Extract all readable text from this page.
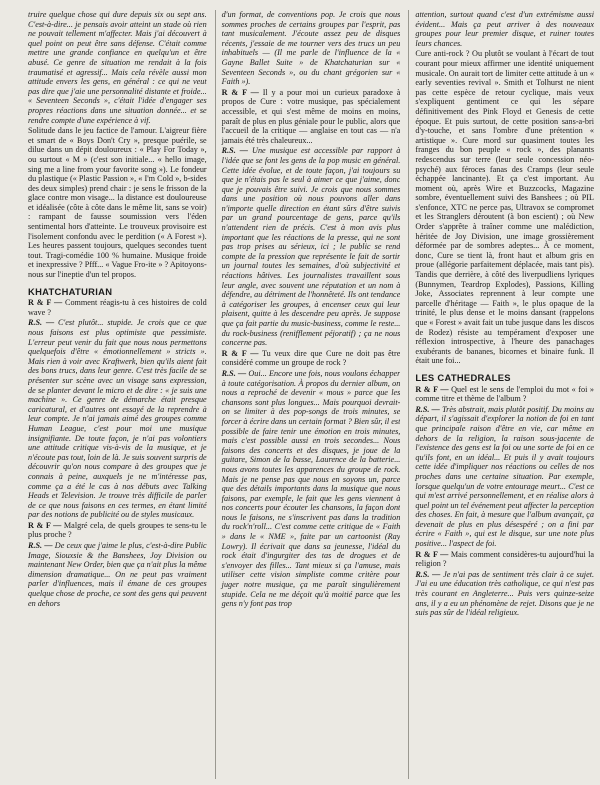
truire quelque chose qui dure depuis six ou sept ans. C'est-à-dire... je pensais avoir atteint un stade où rien ne pouvait tellement m'affecter. Mais j'ai découvert à quel point on peut être sans défense. C'était comme mettre une grande confiance en quelqu'un et être abusé. Ce genre de situation me rendait à la fois traumatisé et agressif... Mais cela révèle aussi mon attitude envers les gens, en général : ce qui ne veut pas dire que j'aie une personnalité distante et froide... « Seventeen Seconds », c'était l'idée d'engager ses propres réactions dans une situation donnée... et se rendre compte d'une expérience à vif.

Solitude dans le jeu factice de l'amour. L'aigreur fière et smart de « Boys Don't Cry », presque puérile, se dilue dans un dépit douloureux : « Play For Today », ou surtout « M » (c'est son initiale... « hello image, sing me a line from your favorite song »). Le fondeur du plastique (« Plastic Passion », « I'm Cold », b-sides des deux simples) prend chair : je sens le frisson de la glace contre mon visage... la distance est douloureuse et idéalisée (côte à côte dans le même lit, sans se voir) : rampant de fausse soumission vers l'éden sentimental hors d'atteinte. Le trouveux provisoire est l'isolement confondu avec le perdition (« A Forest »). Les heures passent toujours, quelques secondes tuent tout. Tragi-comédie 100 % humaine. Musique froide et inexpressive ? Pfff... « Vague Fro-ite » ? Apitoyons-nous sur l'ineptie d'un tel propos.

KHATCHATURIAN

R & F — Comment réagis-tu à ces histoires de cold wave ?

R.S. — C'est plutôt... stupide. Je crois que ce que nous faisons est plus optimiste que pessimiste. L'erreur peut venir du fait que nous nous permettons quelquefois d'être « émotionnellement » stricts ». Mais rien à voir avec Kraftwerk, bien qu'ils aient fait des bons trucs, dans leur genre. C'est très facile de se présenter sur scène avec un visage sans expression, de se planter devant le micro et de dire : « je suis une machine ». Ce genre de démarche était presque caricatural, et d'autres ont essayé de la reprendre à leur compte. Je n'ai jamais aimé des groupes comme Human League, c'est pour moi une musique insignifiante. De toute façon, je n'ai pas volontiers une attitude critique vis-à-vis de la musique, et je n'écoute pas tout, loin de là. Je suis souvent surpris de découvrir qu'on nous compare à des groupes que je connais à peine, auxquels je ne m'intéresse pas, comme ça a été le cas à nos débuts avec Talking Heads et Television. Je trouve très difficile de parler de ce que nous faisons en ces termes, en étant limité par des notions de publicité ou de styles musicaux.

R & F — Malgré cela, de quels groupes te sens-tu le plus proche ?

R.S. — De ceux que j'aime le plus, c'est-à-dire Public Image, Siouxsie & the Banshees, Joy Division ou maintenant New Order, bien que ça n'ait plus la même dimension dramatique... On ne peut pas vraiment parler d'influences, mais il émane de ces groupes quelque chose de proche, ce sont des gens qui peuvent en dehors

d'un format, de conventions pop. Je crois que nous sommes proches de certains groupes par l'esprit, pas tant musicalement. J'écoute assez peu de disques récents, j'essaie de me tourner vers des trucs un peu inhabituels — (Il me parle de l'influence de la « Gayne Ballet Suite » de Khatchaturian sur « Seventeen Seconds », ou du chant grégorien sur « Faith »).

R & F — Il y a pour moi un curieux paradoxe à propos de Cure : votre musique, pas spécialement accessible, et qui s'est même de moins en moins, paraît de plus en plus géniale pour le public, alors que l'accueil de la critique — anglaise en tout cas — n'a jamais été très chaleureux...

R.S. — Une musique est accessible par rapport à l'idée que se font les gens de la pop music en général. Cette idée évolue, et de toute façon, j'ai toujours su que je n'étais pas le seul à aimer ce que j'aime, donc que je pouvais être suivi. Je crois que nous sommes dans une position où nous pouvons aller dans n'importe quelle direction en étant sûrs d'être suivis par un grand pourcentage de gens, parce qu'ils n'attendent rien de précis. C'est à mon avis plus important que les réactions de la presse, qui ne sont pas trop prises au sérieux, ici ; le public se rend compte de la pression que représente le fait de sortir un journal toutes les semaines, d'où subjectivité et réactions hâtives. Les journalistes travaillent sous leur angle, avec souvent une réputation et un nom à défendre, au détriment de l'honnêteté. Ils ont tendance à catégoriser les groupes, à encenser ceux qui leur plaisent, quitte à les descendre peu après. Je suppose que ça fait partie du music-business, comme le reste... du rock-business (renifflement péjoratif) ; ça ne nous concerne pas.

R & F — Tu veux dire que Cure ne doit pas être considéré comme un groupe de rock ?

R.S. — Oui... Encore une fois, nous voulons échapper à toute catégorisation. À propos du dernier album, on nous a reproché de devenir « mous » parce que les chansons sont plus longues... Mais pourquoi devrait-on se limiter à des pop-songs de trois minutes, se forcer à écrire dans un certain format ? Bien sûr, il est possible de faire tenir une émotion en trois minutes, mais c'est possible aussi en trois secondes... Nous faisons des concerts et des disques, je joue de la guitare, Simon de la basse, Laurence de la batterie... nous avons toutes les apparences du groupe de rock. Mais je ne pense pas que nous en soyons un, parce que des détails importants dans la musique que nous faisons, par exemple, le fait que les gens viennent à nos concerts pour écouter les chansons, la façon dont nous le faisons, ne s'inscrivent pas dans la tradition du rock'n'roll... C'est comme cette critique de « Faith » dans le « NME », faite par un cartoonist (Ray Lowry). Il écrivait que dans sa jeunesse, l'idéal du rock était d'ingurgiter des tas de drogues et de s'envoyer des filles... Tant mieux si ça l'amuse, mais utiliser cette vision simpliste comme critère pour juger notre musique, ça me paraît singulièrement stupide. Cela ne me déçoit qu'à moitié parce que les gens n'y font pas trop

attention, surtout quand c'est d'un extrémisme aussi évident... Mais ça peut arriver à des nouveaux groupes pour leur premier disque, et ruiner toutes leurs chances.

Cure anti-rock ? Ou plutôt se voulant à l'écart de tout courant pour mieux affirmer une identité uniquement musicale. On aurait tort de limiter cette attitude à un « early seventies revival ». Smith et Tolhurst ne nient pas cette espèce de retour cyclique, mais veux s'expliquent gentiment ce qui les sépare définitivement des Pink Floyd et Genesis de cette époque. Et puis surtout, de cette position sans-a-bri d'y-touche, et sans l'ombre d'une prétention « artistique ». Cure mord sur quasiment toutes les franges du bon peuple « rock », des planants redescendus sur terre (leur seule concession néo-psyché) aux féroces fanas des Cramps (leur seule échappée lancinante). Et ça c'est important. Au moment où, après Wire et Buzzcocks, Magazine sombre, éventuellement suivi des Banshees ; où PIL s'enfonce, XTC ne perce pas, Ultravox se compromet et les Stranglers déroutent (à bon escient) ; où New Order s'apprête à traîner comme une malédiction, héritée de Joy Division, une image grossièrement déformée par de sombres adeptes... À ce moment, donc, Cure se tient là, front haut et album gris en proue (allégorie parfaitement déplacée, mais tant pis). Tandis que derrière, à côté des liverpudliens lyriques (Bunnymen, Teardrop Explodes), Passions, Killing Joke, Associates reprennent à leur compte une parcelle d'héritage — Faith », le plus opaque de la trinité, le plus dense et le moins dansant (rappelons que « Forest » avait fait un tube jusque dans les discos de Rodez) résiste au tempérament d'exposer une réflexion introspective, à l'heure des panachages exubérants de bananes, bicornes et binaire funk. Il était une foi...

LES CATHEDRALES

R & F — Quel est le sens de l'emploi du mot « foi » comme titre et thème de l'album ?

R.S. — Très abstrait, mais plutôt positif. Du moins au départ, il s'agissait d'explorer la notion de foi en tant que principale raison d'être en vie, car même en dehors de la religion, la raison sous-jacente de l'existence des gens est la foi ou une sorte de foi en ce qu'ils font, en un idéal... Et puis il y avait toujours cette idée d'impliquer nos réactions ou celles de nos proches dans une certaine situation. Par exemple, lorsque quelqu'un de votre entourage meurt... C'est ce qui m'est arrivé personnellement, et en réalise alors à quel point un tel événement peut affecter la perception des choses. En fait, à mesure que l'album avançait, ça devenait de plus en plus désespéré ; on a fini par écrire « Faith », qui est le disque, sur une note plus positive... l'aspect de foi.

R & F — Mais comment considères-tu aujourd'hui la religion ?

R.S. — Je n'ai pas de sentiment très clair à ce sujet. J'ai eu une éducation très catholique, ce qui n'est pas très courant en Angleterre... Puis vers quinze-seize ans, il y a eu un phénomène de rejet. Disons que je ne suis pas sûr de l'idéal religieux.
